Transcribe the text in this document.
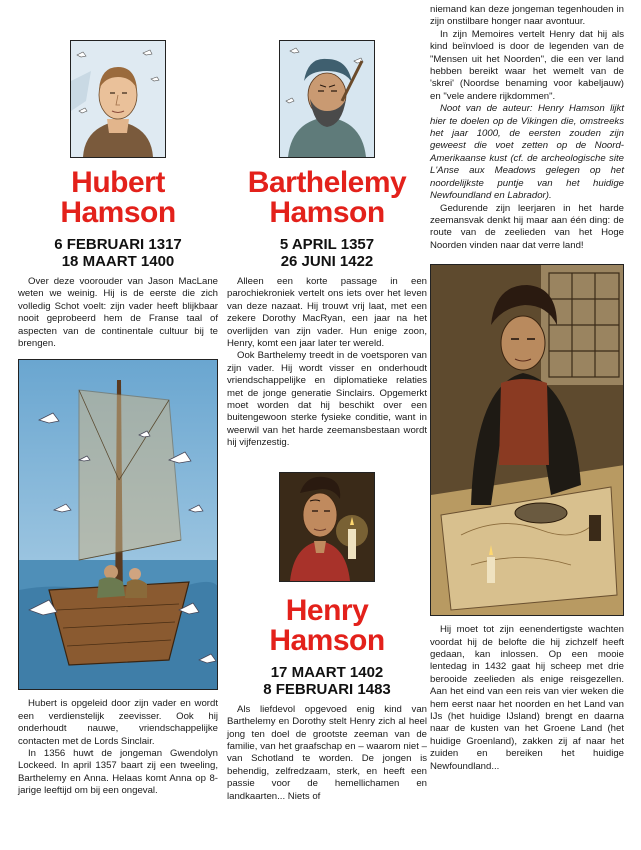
Hubert
Hamson
6 FEBRUARI 1317
18 MAART 1400

Over deze voorouder van Jason MacLane weten we weinig. Hij is de eerste die zich volledig Schot voelt: zijn vader heeft blijkbaar nooit geprobeerd hem de Franse taal of aspecten van de continentale cultuur bij te brengen.

Hubert is opgeleid door zijn vader en wordt een verdienstelijk zeevisser. Ook hij onderhoudt nauwe, vriendschappelijke contacten met de Lords Sinclair.

In 1356 huwt de jongeman Gwendolyn Lockeed. In april 1357 baart zij een tweeling, Barthelemy en Anna. Helaas komt Anna op 8-jarige leeftijd om bij een ongeval.

Barthelemy
Hamson
5 APRIL 1357
26 JUNI 1422

Alleen een korte passage in een parochiekroniek vertelt ons iets over het leven van deze nazaat. Hij trouwt vrij laat, met een zekere Dorothy MacRyan, een jaar na het overlijden van zijn vader. Hun enige zoon, Henry, komt een jaar later ter wereld.

Ook Barthelemy treedt in de voetsporen van zijn vader. Hij wordt visser en onderhoudt vriendschappelijke en diplomatieke relaties met de jonge generatie Sinclairs. Opgemerkt moet worden dat hij beschikt over een buitengewoon sterke fysieke conditie, want in weerwil van het harde zeemansbestaan wordt hij vijfenzestig.

Henry
Hamson
17 MAART 1402
8 FEBRUARI 1483

Als liefdevol opgevoed enig kind van Barthelemy en Dorothy stelt Henry zich al heel jong ten doel de grootste zeeman van de familie, van het graafschap en – waarom niet – van Schotland te worden. De jongen is behendig, zelfredzaam, sterk, en heeft een passie voor de hemellichamen en landkaarten... Niets of

niemand kan deze jongeman tegenhouden in zijn onstilbare honger naar avontuur.

In zijn Memoires vertelt Henry dat hij als kind beïnvloed is door de legenden van de "Mensen uit het Noorden", die een ver land hebben bereikt waar het wemelt van de 'skrei' (Noordse benaming voor kabeljauw) en "vele andere rijkdommen".

Noot van de auteur: Henry Hamson lijkt hier te doelen op de Vikingen die, omstreeks het jaar 1000, de eersten zouden zijn geweest die voet zetten op de Noord-Amerikaanse kust (cf. de archeologische site L'Anse aux Meadows gelegen op het noordelijkste puntje van het huidige Newfoundland en Labrador).

Gedurende zijn leerjaren in het harde zeemansvak denkt hij maar aan één ding: de route van de zeelieden van het Hoge Noorden vinden naar dat verre land!

Hij moet tot zijn eenendertigste wachten voordat hij de belofte die hij zichzelf heeft gedaan, kan inlossen. Op een mooie lentedag in 1432 gaat hij scheep met drie berooide zeelieden als enige reisgezellen. Aan het eind van een reis van vier weken die hem eerst naar het noorden en het Land van IJs (het huidige IJsland) brengt en daarna naar de kusten van het Groene Land (het huidige Groenland), zakken zij af naar het zuiden en bereiken het huidige Newfoundland...
